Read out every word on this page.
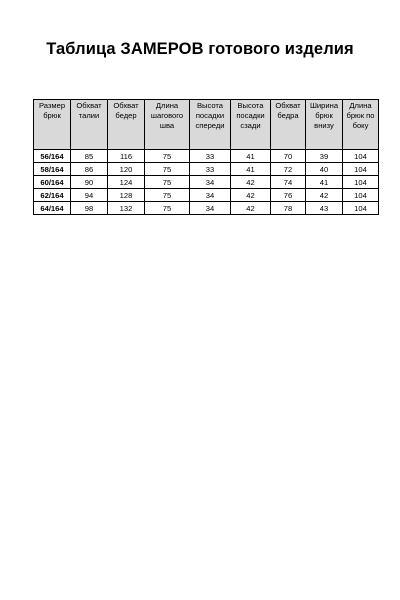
Таблица ЗАМЕРОВ готового изделия
Размер брюк	Обхват талии	Обхват бедер	Длина шагового шва	Высота посадки спереди	Высота посадки сзади	Обхват бедра	Ширина брюк внизу	Длина брюк по боку
56/164	85	116	75	33	41	70	39	104
58/164	86	120	75	33	41	72	40	104
60/164	90	124	75	34	42	74	41	104
62/164	94	128	75	34	42	76	42	104
64/164	98	132	75	34	42	78	43	104
